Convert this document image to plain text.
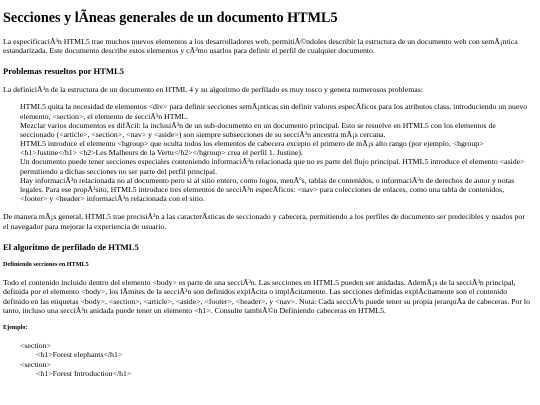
Secciones y lÃneas generales de un documento HTML5

La especificaciÃ³n HTML5 trae muchos nuevos elementos a los desarrolladores web, permitiÃ©ndoles describir la estructura de un documento web con semÃ¡ntica estandarizada. Este documento describe estos elementos y cÃ³mo usarlos para definir el perfil de cualquier documento.

Problemas resueltos por HTML5

La definiciÃ³n de la estructura de un documento en HTML 4 y su algoritmo de perfilado es muy tosco y genera numerosos problemas:

HTML5 quita la necesidad de elementos <div> para definir secciones semÃ¡nticas sin definir valores especÃficos para los atributos class, introduciendo un nuevo elemento, <section>, el elemento de secciÃ³n HTML.

Mezclar varios documentos es difÃcil: la inclusiÃ³n de un sub-documento en un documento principal. Esto se resuelve en HTML5 con los elementos de seccionado (<article>, <section>, <nav> y <aside>) son siempre subsecciones de su secciÃ³n ancestra mÃ¡s cercana.

HTML5 introduce el elemento <hgroup> que oculta todos los elementos de cabecera excepto el primero de mÃ¡s alto rango (por ejemplo, <hgroup><h1>Justine</h1> <h2>Les Malheurs de la Vertu</h2></hgroup> crea el perfil 1. Justine).

Un documento puede tener secciones especiales conteniendo informaciÃ³n relacionada que no es parte del flujo principal. HTML5 introduce el elemento <aside> permitiendo a dichas secciones no ser parte del perfil principal.

Hay informaciÃ³n relacionada no al documento pero si al sitio entero, como logos, menÃºs, tablas de contenidos, o informaciÃ³n de derechos de autor y notas legales. Para ese propÃ³sito, HTML5 introduce tres elementos de secciÃ³n especÃficos: <nav> para colecciones de enlaces, como una tabla de contenidos, <footer> y <header> informaciÃ³n relacionada con el sitio.

De manera mÃ¡s general, HTML5 trae precisiÃ³n a las caracterÃsticas de seccionado y cabecera, permitiendo a los perfiles de documento ser predecibles y usados por el navegador para mejorar la experiencia de usuario.

El algoritmo de perfilado de HTML5
Definiendo secciones en HTML5

Todo el contenido incluido dentro del elemento <body> es parte de una secciÃ³n. Las secciones en HTML5 pueden ser anidadas. AdemÃ¡s de la secciÃ³n principal, definida por el elemento <body>, los lÃmites de la secciÃ³n son definidos explÃcita o implÃcitamente. Las secciones definidas explÃcitamente son el contenido definido en las etiquetas <body>, <section>, <article>, <aside>, <footer>, <header>, y <nav>. Nota: Cada secciÃ³n puede tener su propia jerarquÃa de cabeceras. Por lo tanto, incluso una secciÃ³n anidada puede tener un elemento <h1>. Consulte tambiÃ©n Definiendo cabeceras en HTML5.

Ejemplo:
<section>
<h1>Forest elephants</h1>
<section>
<h1>Forest Introduction</h1>
